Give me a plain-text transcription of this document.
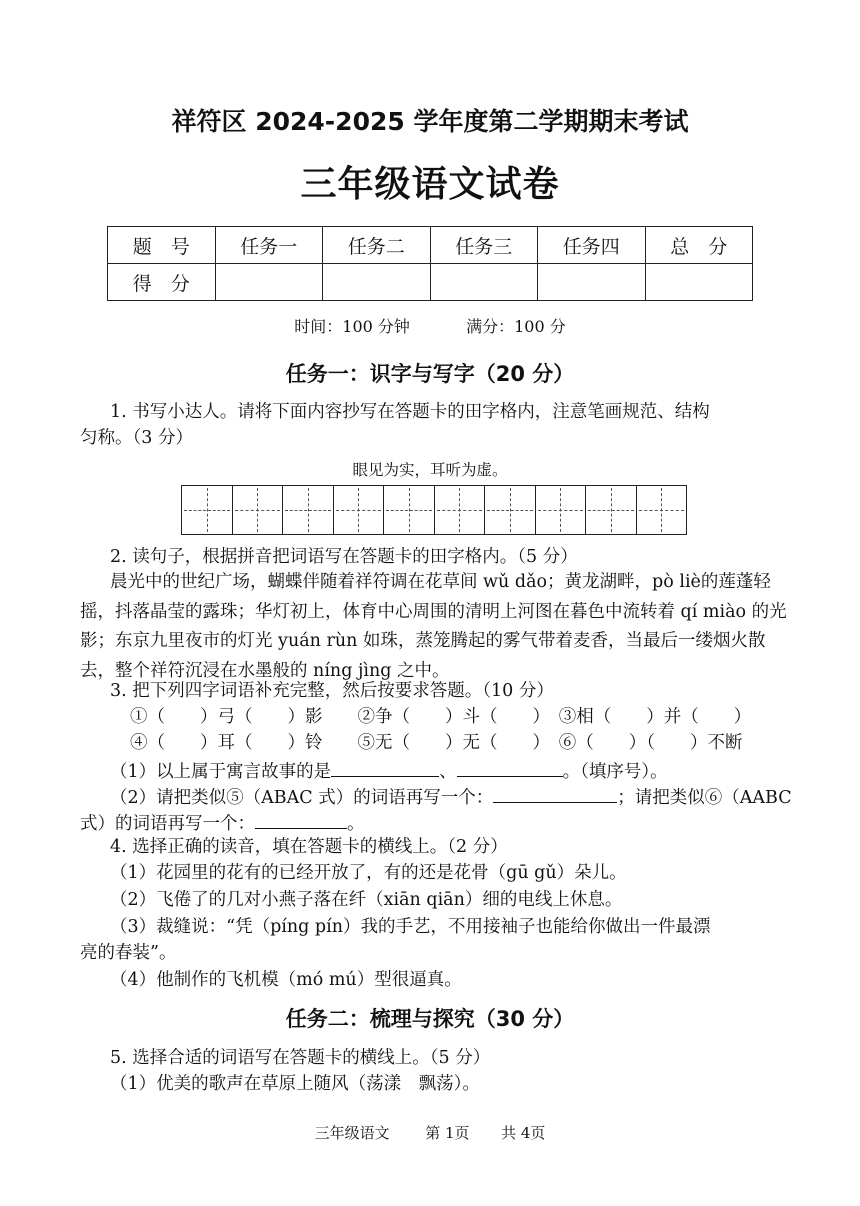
祥符区 2024-2025 学年度第二学期期末考试
三年级语文试卷
题　号	任务一	任务二	任务三	任务四	总　分
得　分					
时间：100 分钟	满分：100 分
任务一：识字与写字（20 分）
1. 书写小达人。请将下面内容抄写在答题卡的田字格内，注意笔画规范、结构
匀称。（3 分）
眼见为实，耳听为虚。
2. 读句子，根据拼音把词语写在答题卡的田字格内。（5 分）
晨光中的世纪广场，蝴蝶伴随着祥符调在花草间 wǔ dǎo；黄龙湖畔，pò liè的莲蓬轻摇，抖落晶莹的露珠；华灯初上，体育中心周围的清明上河图在暮色中流转着 qí miào 的光影；东京九里夜市的灯光 yuán rùn 如珠，蒸笼腾起的雾气带着麦香，当最后一缕烟火散去，整个祥符沉浸在水墨般的 níng jìng 之中。
3. 把下列四字词语补充完整，然后按要求答题。（10 分）
①（　　）弓（　　）影　　②争（　　）斗（　　）　③相（　　）并（　　）
④（　　）耳（　　）铃　　⑤无（　　）无（　　）　⑥（　　）（　　）不断
（1）以上属于寓言故事的是	、	。（填序号）。
（2）请把类似⑤（ABAC 式）的词语再写一个：	；请把类似⑥（AABC
式）的词语再写一个：	。
4. 选择正确的读音，填在答题卡的横线上。（2 分）
（1）花园里的花有的已经开放了，有的还是花骨（gū gǔ）朵儿。
（2）飞倦了的几对小燕子落在纤（xiān qiān）细的电线上休息。
（3）裁缝说：“凭（píng pín）我的手艺，不用接袖子也能给你做出一件最漂
亮的春装”。
（4）他制作的飞机模（mó mú）型很逼真。
任务二：梳理与探究（30 分）
5. 选择合适的词语写在答题卡的横线上。（5 分）
（1）优美的歌声在草原上随风（荡漾　飘荡）。
三年级语文 第 1页 共 4页
